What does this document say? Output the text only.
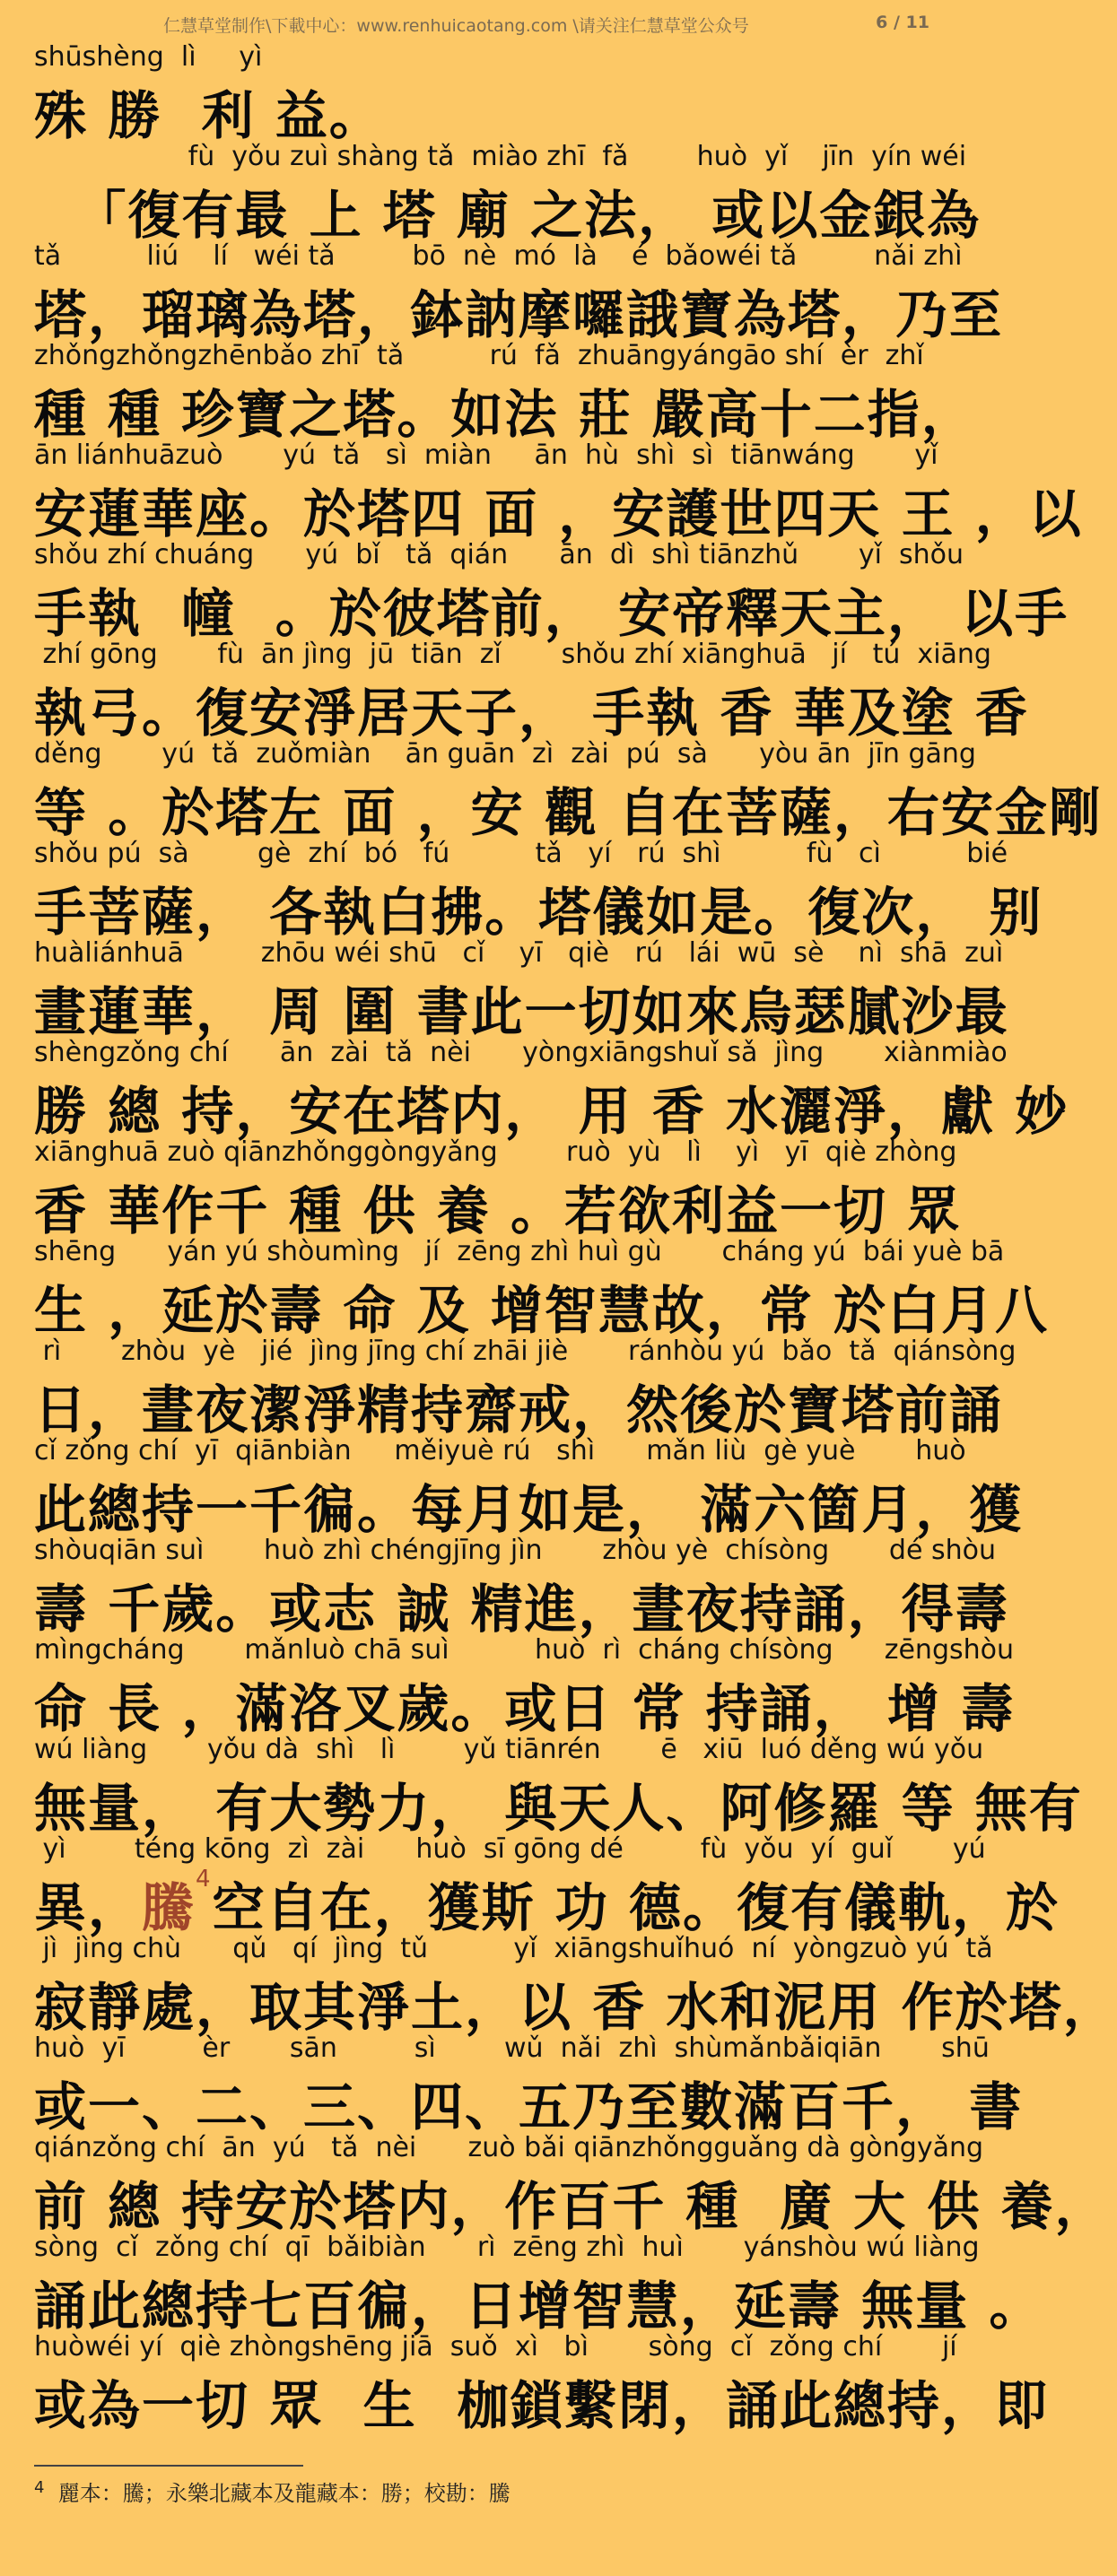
仁慧草堂制作\下載中心：www.renhuicaotang.com \请关注仁慧草堂公众号	6 / 11
shūshèng  lì     yì
殊 勝  利 益。
fù  yǒu zuì shàng tǎ  miào zhī  fǎ        huò  yǐ    jīn  yín wéi
「復有最 上 塔 廟 之法， 或以金銀為
tǎ          liú    lí   wéi tǎ         bō  nè  mó  là    é  bǎowéi tǎ         nǎi zhì
塔，瑠璃為塔，鉢訥摩囉誐寶為塔，乃至
zhǒngzhǒngzhēnbǎo zhī  tǎ          rú  fǎ  zhuāngyángāo shí  èr  zhǐ
種 種 珍寶之塔。如法 莊 嚴高十二指，
ān liánhuāzuò       yú  tǎ   sì  miàn     ān  hù  shì  sì  tiānwáng       yǐ
安蓮華座。於塔四 面 ，安護世四天 王 ，以
shǒu zhí chuáng      yú  bǐ   tǎ  qián      ān  dì  shì tiānzhǔ       yǐ  shǒu
手執  幢  。於彼塔前， 安帝釋天主， 以手
zhí gōng       fù  ān jìng  jū  tiān  zǐ       shǒu zhí xiānghuā   jí   tú  xiāng
執弓。復安淨居天子， 手執 香 華及塗 香
děng       yú  tǎ  zuǒmiàn    ān guān  zì  zài  pú  sà      yòu ān  jīn gāng
等 。於塔左 面 ，安 觀 自在菩薩，右安金剛
shǒu pú  sà        gè  zhí  bó   fú          tǎ   yí   rú  shì          fù   cì          bié
手菩薩， 各執白拂。塔儀如是。復次， 别
huàliánhuā         zhōu wéi shū   cǐ    yī   qiè   rú   lái  wū  sè    nì  shā  zuì
畫蓮華， 周 圍 書此一切如來烏瑟膩沙最
shèngzǒng chí      ān  zài  tǎ  nèi      yòngxiāngshuǐ sǎ  jìng       xiànmiào
勝 總 持，安在塔内， 用 香 水灑淨，獻 妙
xiānghuā zuò qiānzhǒnggòngyǎng        ruò  yù   lì    yì   yī  qiè zhòng
香 華作千 種 供 養 。若欲利益一切 眾
shēng      yán yú shòumìng   jí  zēng zhì huì gù       cháng yú  bái yuè bā
生 ，延於壽 命 及 增智慧故，常 於白月八
rì       zhòu  yè   jié  jìng jīng chí zhāi jiè       ránhòu yú  bǎo  tǎ  qiánsòng
日，晝夜潔淨精持齋戒，然後於寶塔前誦
cǐ zǒng chí  yī  qiānbiàn     měiyuè rú   shì      mǎn liù  gè yuè       huò
此總持一千徧。每月如是， 滿六箇月，獲
shòuqiān suì       huò zhì chéngjīng jìn       zhòu yè  chísòng       dé shòu
壽 千歲。或志 誠 精進，晝夜持誦，得壽
mìngcháng       mǎnluò chā suì          huò  rì  cháng chísòng      zēngshòu
命 長 ，滿洛叉歲。或日 常 持誦， 增 壽
wú liàng       yǒu dà  shì   lì        yǔ tiānrén       ē   xiū  luó děng wú yǒu
無量， 有大勢力， 與天人、阿修羅 等 無有
yì        téng kōng  zì  zài      huò  sī gōng dé         fù  yǒu  yí  guǐ       yú
異，騰$^4$空自在，獲斯 功 德。復有儀軌，於
jì  jìng chù      qǔ   qí  jìng  tǔ          yǐ  xiāngshuǐhuó  ní  yòngzuò yú  tǎ
寂靜處，取其淨土，以 香 水和泥用 作於塔，
huò  yī         èr       sān         sì        wǔ  nǎi  zhì  shùmǎnbǎiqiān       shū
或一、二、三、四、五乃至數滿百千， 書
qiánzǒng chí  ān  yú   tǎ  nèi      zuò bǎi qiānzhǒngguǎng dà gòngyǎng
前 總 持安於塔内，作百千 種  廣 大 供 養，
sòng  cǐ  zǒng chí  qī  bǎibiàn      rì  zēng zhì  huì       yánshòu wú liàng
誦此總持七百徧，日增智慧，延壽 無量 。
huòwéi yí  qiè zhòngshēng jiā  suǒ  xì   bì       sòng  cǐ  zǒng chí       jí
或為一切 眾  生  枷鎖繫閉，誦此總持，即
$^4$ 麗本：騰；永樂北藏本及龍藏本：勝；校勘：騰
